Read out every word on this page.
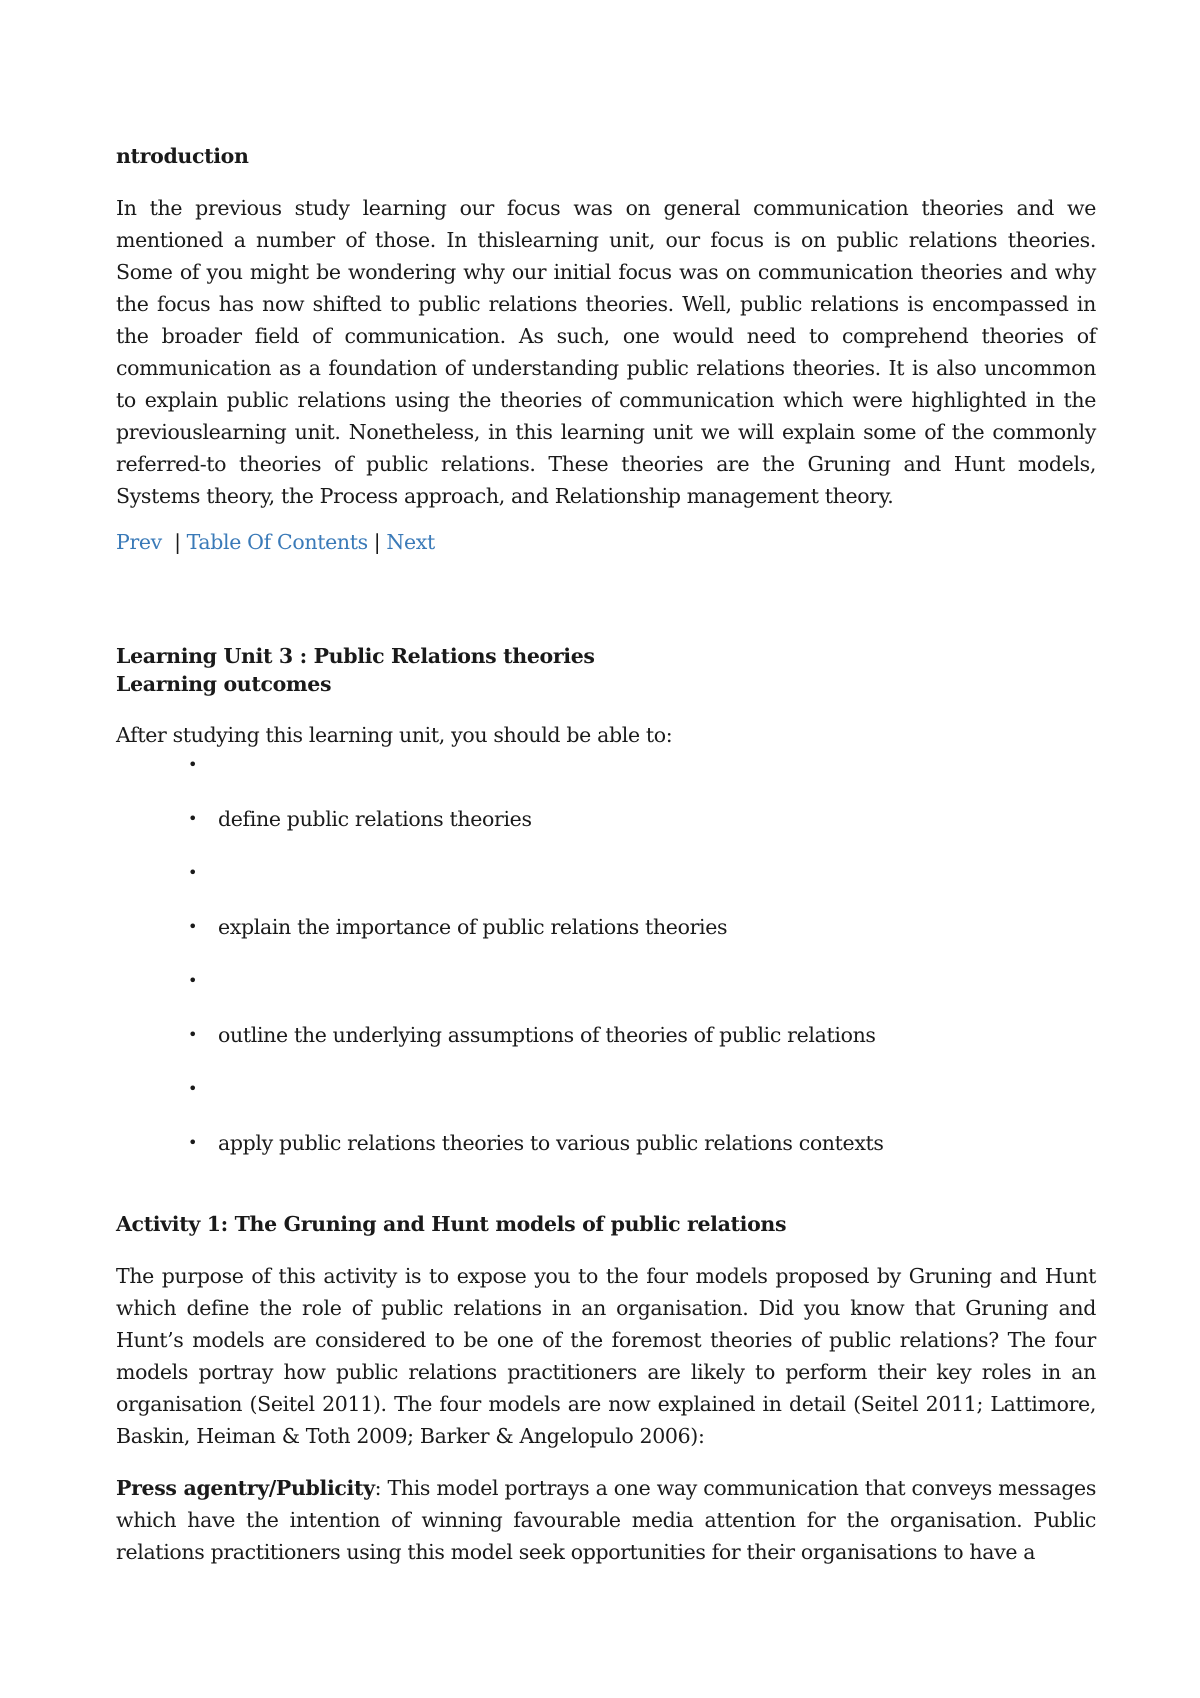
ntroduction

In the previous study learning our focus was on general communication theories and we mentioned a number of those. In thislearning unit, our focus is on public relations theories. Some of you might be wondering why our initial focus was on communication theories and why the focus has now shifted to public relations theories. Well, public relations is encompassed in the broader field of communication. As such, one would need to comprehend theories of communication as a foundation of understanding public relations theories. It is also uncommon to explain public relations using the theories of communication which were highlighted in the previouslearning unit. Nonetheless, in this learning unit we will explain some of the commonly referred-to theories of public relations. These theories are the Gruning and Hunt models, Systems theory, the Process approach, and Relationship management theory.

Prev | Table Of Contents | Next

Learning Unit 3 : Public Relations theories

Learning outcomes

After studying this learning unit, you should be able to:

•
• define public relations theories
•
• explain the importance of public relations theories
•
• outline the underlying assumptions of theories of public relations
•
• apply public relations theories to various public relations contexts

Activity 1: The Gruning and Hunt models of public relations

The purpose of this activity is to expose you to the four models proposed by Gruning and Hunt which define the role of public relations in an organisation. Did you know that Gruning and Hunt’s models are considered to be one of the foremost theories of public relations? The four models portray how public relations practitioners are likely to perform their key roles in an organisation (Seitel 2011). The four models are now explained in detail (Seitel 2011; Lattimore, Baskin, Heiman & Toth 2009; Barker & Angelopulo 2006):

Press agentry/Publicity: This model portrays a one way communication that conveys messages which have the intention of winning favourable media attention for the organisation. Public relations practitioners using this model seek opportunities for their organisations to have a
